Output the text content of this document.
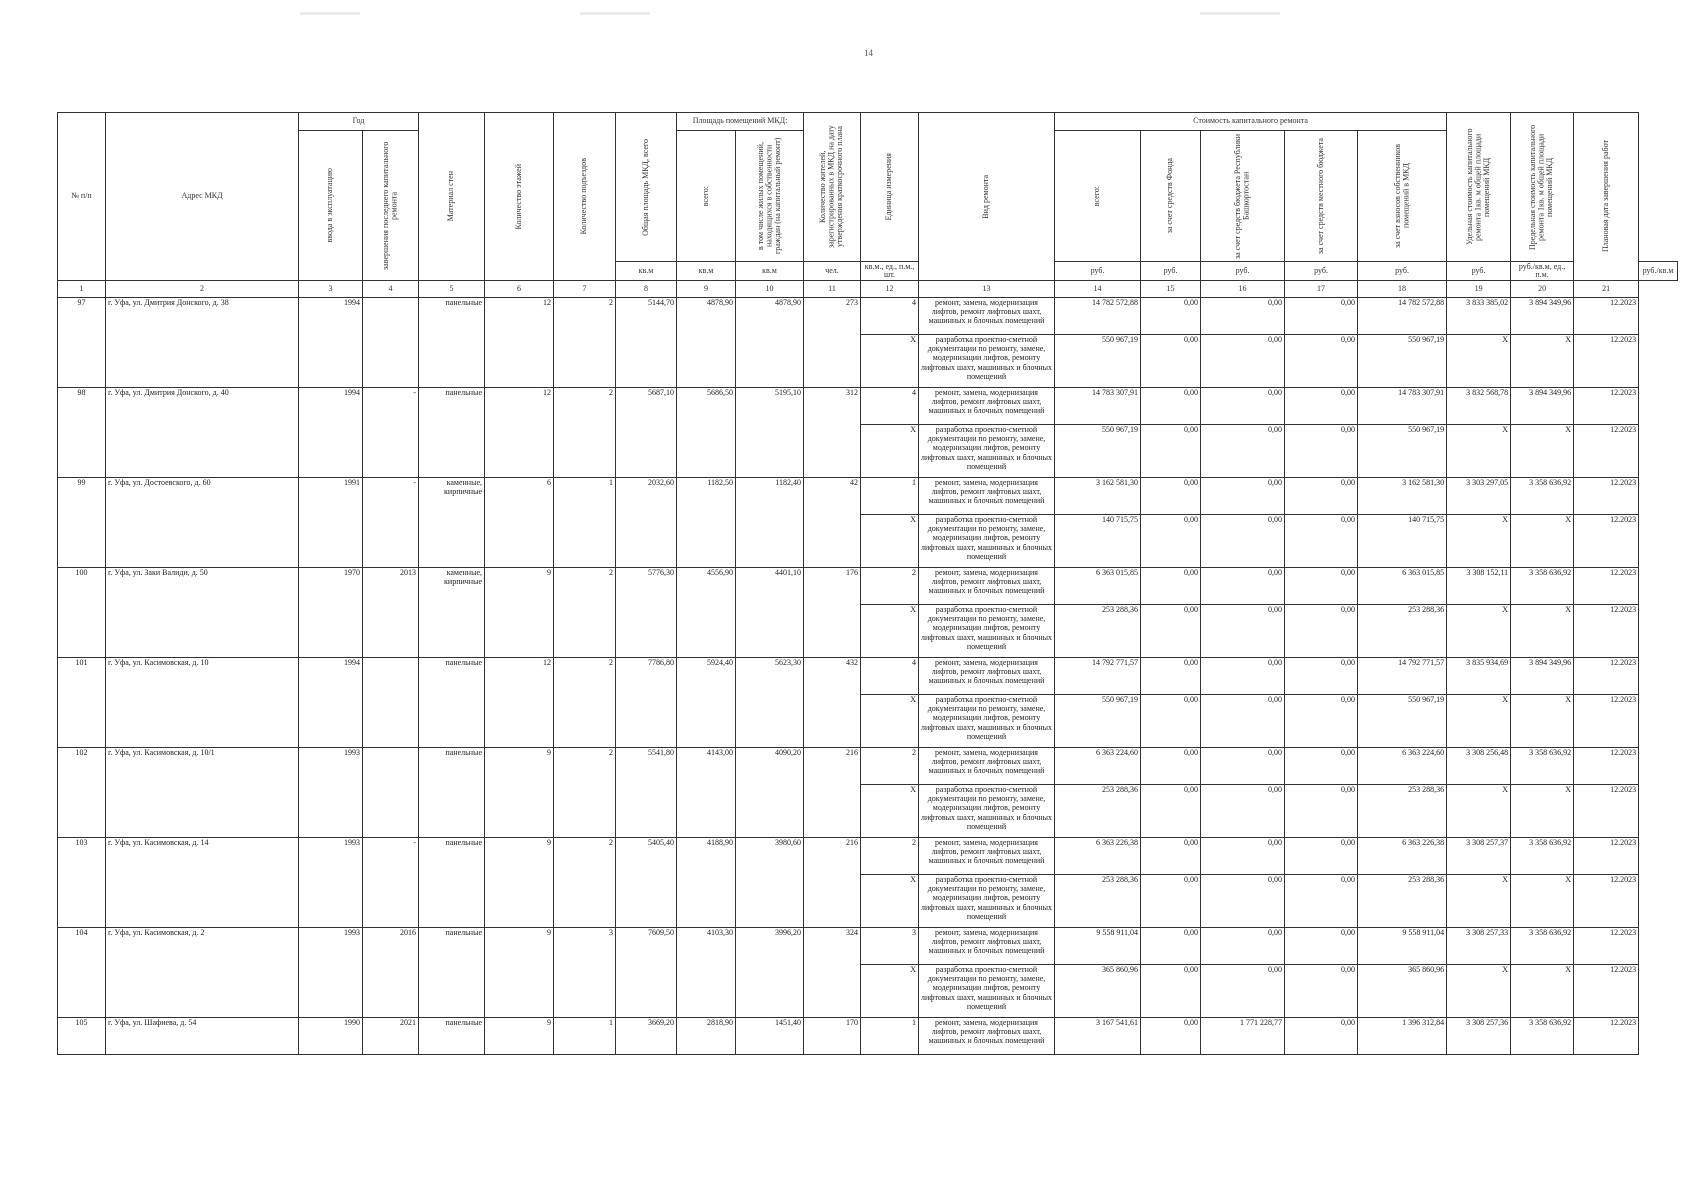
14
№ п/п	Адрес МКД	Год		Материал стен	Количество этажей	Количество подъездов	Общая площадь МКД, всего	Площадь помещений МКД:		Количество жителей, зарегистрированных в МКД на дату утверждения краткосрочного плана	Единица измерения	Вид ремонта	Стоимость капитального ремонта					Удельная стоимость капитального ремонта 1кв. м общей площади помещений МКД	Предельная стоимость капитального ремонта 1кв. м общей площади помещений МКД	Плановая дата завершения работ	

		ввода в эксплуатацию	завершения последнего капитального ремонта					всего:	в том числе жилых помещений, находящихся в собственности граждан (на капитальный ремонт)				всего:	за счет средств Фонда	за счет средств бюджета Республики Башкортостан	за счет средств местного бюджета	за счет взносов собственников помещений в МКД				

							кв.м	кв.м	кв.м	чел.	кв.м., ед., п.м., шт.		руб.	руб.	руб.	руб.	руб.	руб.	руб./кв.м, ед., п.м.		руб./кв.м
1	2	3	4	5	6	7	8	9	10	11	12	13	14	15	16	17	18	19	20	21	
97	г. Уфа, ул. Дмитрия Донского, д. 38	1994		панельные	12	2	5144,70	4878,90	4878,90	273	4	ремонт, замена, модернизация лифтов, ремонт лифтовых шахт, машинных и блочных помещений	14 782 572,88	0,00	0,00	0,00	14 782 572,88	3 833 385,02	3 894 349,96	12.2023	
											X	разработка проектно-сметной документации по ремонту, замене, модернизации лифтов, ремонту лифтовых шахт, машинных и блочных помещений	550 967,19	0,00	0,00	0,00	550 967,19	X	X	12.2023	
98	г. Уфа, ул. Дмитрия Донского, д. 40	1994	-	панельные	12	2	5687,10	5686,50	5195,10	312	4	ремонт, замена, модернизация лифтов, ремонт лифтовых шахт, машинных и блочных помещений	14 783 307,91	0,00	0,00	0,00	14 783 307,91	3 832 568,78	3 894 349,96	12.2023	
											X	разработка проектно-сметной документации по ремонту, замене, модернизации лифтов, ремонту лифтовых шахт, машинных и блочных помещений	550 967,19	0,00	0,00	0,00	550 967,19	X	X	12.2023	
99	г. Уфа, ул. Достоевского, д. 60	1991	-	каменные, кирпичные	6	1	2032,60	1182,50	1182,40	42	1	ремонт, замена, модернизация лифтов, ремонт лифтовых шахт, машинных и блочных помещений	3 162 581,30	0,00	0,00	0,00	3 162 581,30	3 303 297,05	3 358 636,92	12.2023	
											X	разработка проектно-сметной документации по ремонту, замене, модернизации лифтов, ремонту лифтовых шахт, машинных и блочных помещений	140 715,75	0,00	0,00	0,00	140 715,75	X	X	12.2023	
100	г. Уфа, ул. Заки Валиди, д. 50	1970	2013	каменные, кирпичные	9	2	5776,30	4556,90	4401,10	176	2	ремонт, замена, модернизация лифтов, ремонт лифтовых шахт, машинных и блочных помещений	6 363 015,85	0,00	0,00	0,00	6 363 015,85	3 308 152,11	3 358 636,92	12.2023	
											X	разработка проектно-сметной документации по ремонту, замене, модернизации лифтов, ремонту лифтовых шахт, машинных и блочных помещений	253 288,36	0,00	0,00	0,00	253 288,36	X	X	12.2023	
101	г. Уфа, ул. Касимовская, д. 10	1994		панельные	12	2	7786,80	5924,40	5623,30	432	4	ремонт, замена, модернизация лифтов, ремонт лифтовых шахт, машинных и блочных помещений	14 792 771,57	0,00	0,00	0,00	14 792 771,57	3 835 934,69	3 894 349,96	12.2023	
											X	разработка проектно-сметной документации по ремонту, замене, модернизации лифтов, ремонту лифтовых шахт, машинных и блочных помещений	550 967,19	0,00	0,00	0,00	550 967,19	X	X	12.2023	
102	г. Уфа, ул. Касимовская, д. 10/1	1993		панельные	9	2	5541,80	4143,00	4090,20	216	2	ремонт, замена, модернизация лифтов, ремонт лифтовых шахт, машинных и блочных помещений	6 363 224,60	0,00	0,00	0,00	6 363 224,60	3 308 256,48	3 358 636,92	12.2023	
											X	разработка проектно-сметной документации по ремонту, замене, модернизации лифтов, ремонту лифтовых шахт, машинных и блочных помещений	253 288,36	0,00	0,00	0,00	253 288,36	X	X	12.2023	
103	г. Уфа, ул. Касимовская, д. 14	1993	-	панельные	9	2	5405,40	4188,90	3980,60	216	2	ремонт, замена, модернизация лифтов, ремонт лифтовых шахт, машинных и блочных помещений	6 363 226,38	0,00	0,00	0,00	6 363 226,38	3 308 257,37	3 358 636,92	12.2023	
											X	разработка проектно-сметной документации по ремонту, замене, модернизации лифтов, ремонту лифтовых шахт, машинных и блочных помещений	253 288,36	0,00	0,00	0,00	253 288,36	X	X	12.2023	
104	г. Уфа, ул. Касимовская, д. 2	1993	2016	панельные	9	3	7609,50	4103,30	3996,20	324	3	ремонт, замена, модернизация лифтов, ремонт лифтовых шахт, машинных и блочных помещений	9 558 911,04	0,00	0,00	0,00	9 558 911,04	3 308 257,33	3 358 636,92	12.2023	
											X	разработка проектно-сметной документации по ремонту, замене, модернизации лифтов, ремонту лифтовых шахт, машинных и блочных помещений	365 860,96	0,00	0,00	0,00	365 860,96	X	X	12.2023	
105	г. Уфа, ул. Шафиева, д. 54	1990	2021	панельные	9	1	3669,20	2818,90	1451,40	170	1	ремонт, замена, модернизация лифтов, ремонт лифтовых шахт, машинных и блочных помещений	3 167 541,61	0,00	1 771 228,77	0,00	1 396 312,84	3 308 257,36	3 358 636,92	12.2023	
